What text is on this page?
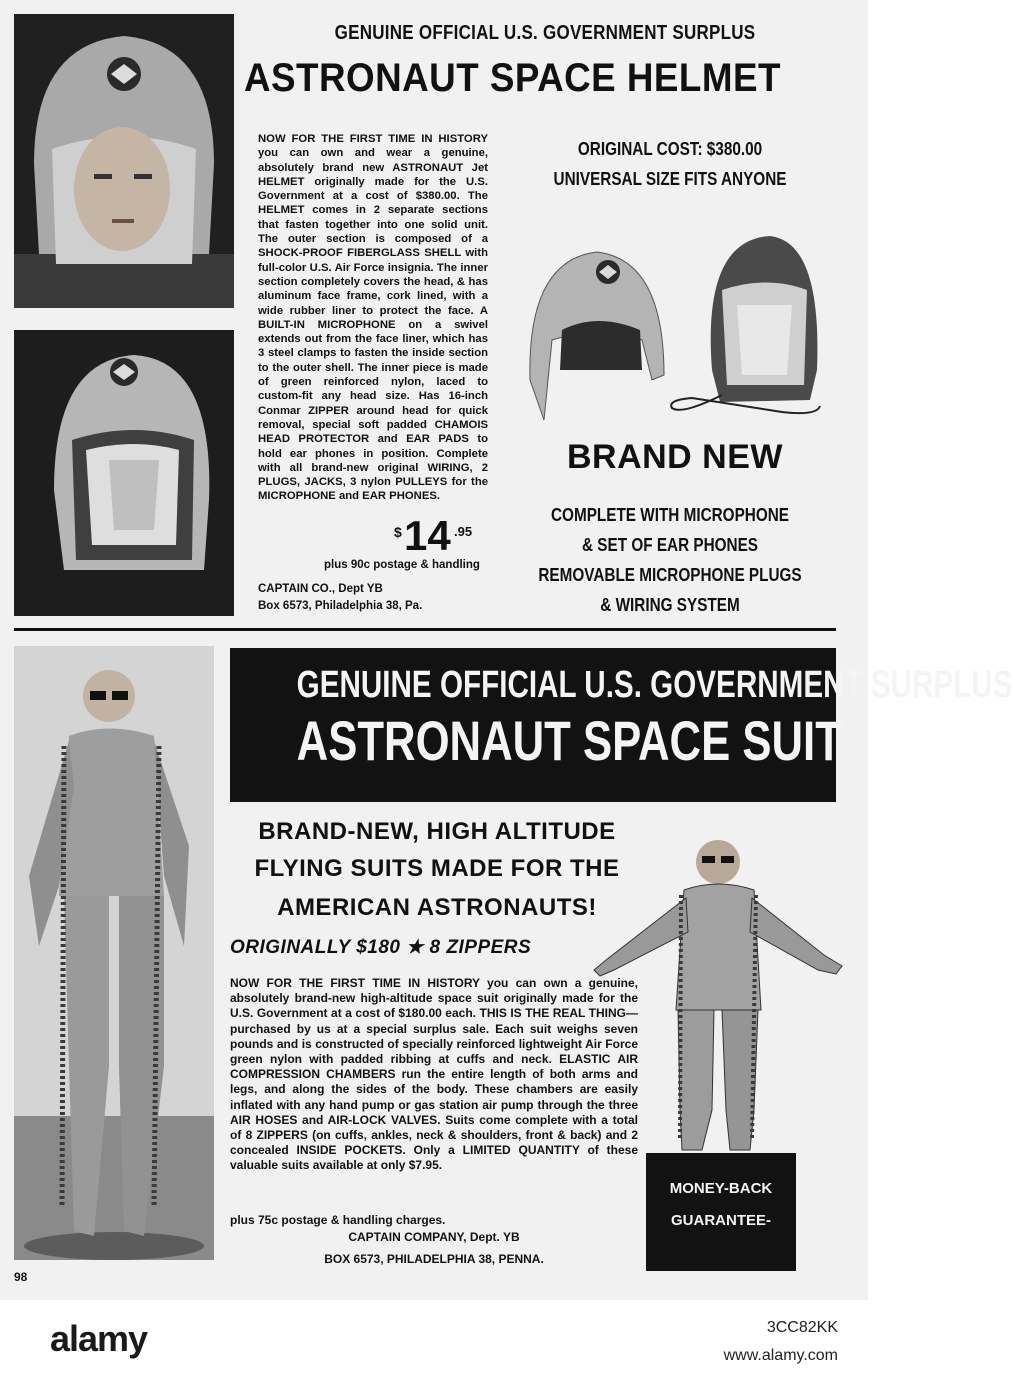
GENUINE OFFICIAL U.S. GOVERNMENT SURPLUS
ASTRONAUT SPACE HELMET
NOW FOR THE FIRST TIME IN HISTORY you can own and wear a genuine, absolutely brand new ASTRONAUT Jet HELMET originally made for the U.S. Government at a cost of $380.00. The HELMET comes in 2 separate sections that fasten together into one solid unit. The outer section is composed of a SHOCK-PROOF FIBERGLASS SHELL with full-color U.S. Air Force insignia. The inner section completely covers the head, & has aluminum face frame, cork lined, with a wide rubber liner to protect the face. A BUILT-IN MICROPHONE on a swivel extends out from the face liner, which has 3 steel clamps to fasten the inside section to the outer shell. The inner piece is made of green reinforced nylon, laced to custom-fit any head size. Has 16-inch Conmar ZIPPER around head for quick removal, special soft padded CHAMOIS HEAD PROTECTOR and EAR PADS to hold ear phones in position. Complete with all brand-new original WIRING, 2 PLUGS, JACKS, 3 nylon PULLEYS for the MICROPHONE and EAR PHONES.
$ 14 .95
plus 90c postage & handling
CAPTAIN CO., Dept YB
Box 6573, Philadelphia 38, Pa.
ORIGINAL COST: $380.00
UNIVERSAL SIZE FITS ANYONE
BRAND NEW
COMPLETE WITH MICROPHONE
& SET OF EAR PHONES
REMOVABLE MICROPHONE PLUGS
& WIRING SYSTEM
GENUINE OFFICIAL U.S. GOVERNMENT SURPLUS
ASTRONAUT SPACE SUIT
BRAND-NEW, HIGH ALTITUDE
FLYING SUITS MADE FOR THE
AMERICAN ASTRONAUTS!
ORIGINALLY $180 ★ 8 ZIPPERS
NOW FOR THE FIRST TIME IN HISTORY you can own a genuine, absolutely brand-new high-altitude space suit originally made for the U.S. Government at a cost of $180.00 each. THIS IS THE REAL THING—purchased by us at a special surplus sale. Each suit weighs seven pounds and is constructed of specially reinforced lightweight Air Force green nylon with padded ribbing at cuffs and neck. ELASTIC AIR COMPRESSION CHAMBERS run the entire length of both arms and legs, and along the sides of the body. These chambers are easily inflated with any hand pump or gas station air pump through the three AIR HOSES and AIR-LOCK VALVES. Suits come complete with a total of 8 ZIPPERS (on cuffs, ankles, neck & shoulders, front & back) and 2 concealed INSIDE POCKETS. Only a LIMITED QUANTITY of these valuable suits available at only $7.95.
plus 75c postage & handling charges.
CAPTAIN COMPANY, Dept. YB
BOX 6573, PHILADELPHIA 38, PENNA.
MONEY-BACK
GUARANTEE-
98
alamy	3CC82KK
www.alamy.com
